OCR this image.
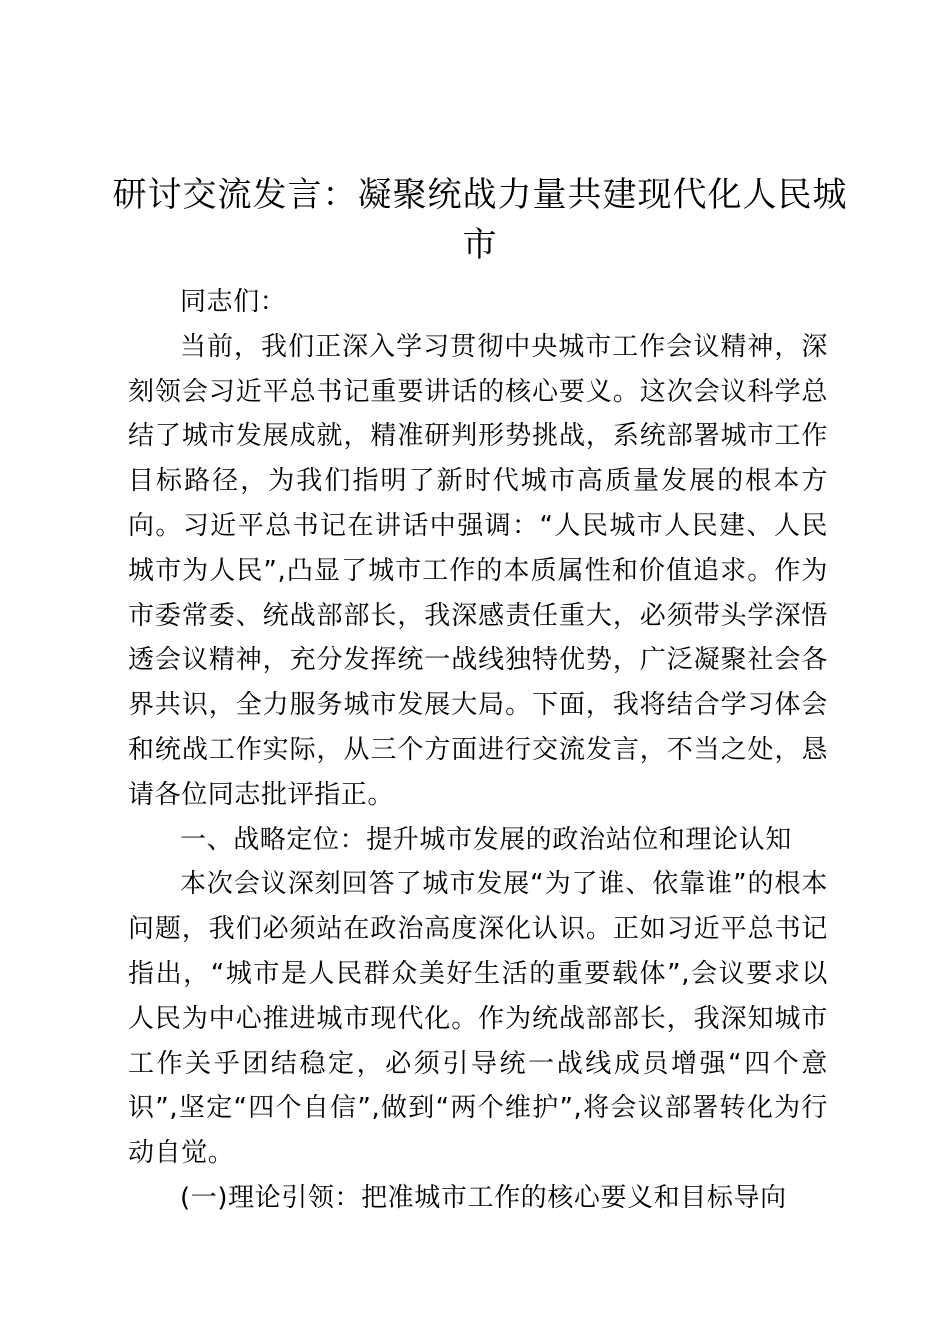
研讨交流发言：凝聚统战力量共建现代化人民城市

同志们：

当前，我们正深入学习贯彻中央城市工作会议精神，深刻领会习近平总书记重要讲话的核心要义。这次会议科学总结了城市发展成就，精准研判形势挑战，系统部署城市工作目标路径，为我们指明了新时代城市高质量发展的根本方向。习近平总书记在讲话中强调：“人民城市人民建、人民城市为人民”,凸显了城市工作的本质属性和价值追求。作为市委常委、统战部部长，我深感责任重大，必须带头学深悟透会议精神，充分发挥统一战线独特优势，广泛凝聚社会各界共识，全力服务城市发展大局。下面，我将结合学习体会和统战工作实际，从三个方面进行交流发言，不当之处，恳请各位同志批评指正。

一、战略定位：提升城市发展的政治站位和理论认知

本次会议深刻回答了城市发展“为了谁、依靠谁”的根本问题，我们必须站在政治高度深化认识。正如习近平总书记指出，“城市是人民群众美好生活的重要载体”,会议要求以人民为中心推进城市现代化。作为统战部部长，我深知城市工作关乎团结稳定，必须引导统一战线成员增强“四个意识”,坚定“四个自信”,做到“两个维护”,将会议部署转化为行动自觉。

(一)理论引领：把准城市工作的核心要义和目标导向
